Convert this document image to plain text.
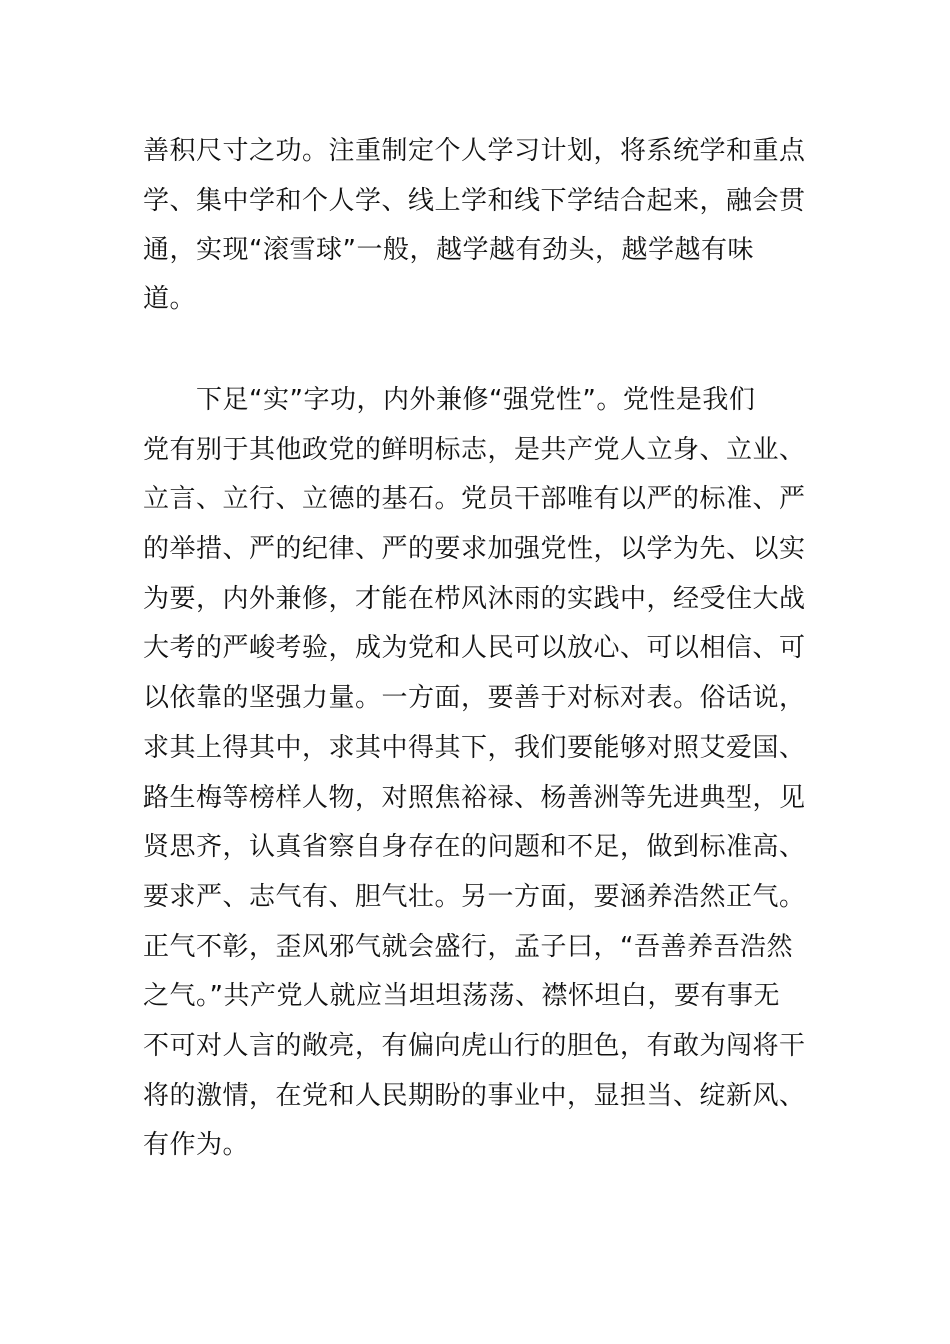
善积尺寸之功。注重制定个人学习计划，将系统学和重点
学、集中学和个人学、线上学和线下学结合起来，融会贯
通，实现“滚雪球”一般，越学越有劲头，越学越有味
道。
下足“实”字功，内外兼修“强党性”。党性是我们
党有别于其他政党的鲜明标志，是共产党人立身、立业、
立言、立行、立德的基石。党员干部唯有以严的标准、严
的举措、严的纪律、严的要求加强党性，以学为先、以实
为要，内外兼修，才能在栉风沐雨的实践中，经受住大战
大考的严峻考验，成为党和人民可以放心、可以相信、可
以依靠的坚强力量。一方面，要善于对标对表。俗话说，
求其上得其中，求其中得其下，我们要能够对照艾爱国、
路生梅等榜样人物，对照焦裕禄、杨善洲等先进典型，见
贤思齐，认真省察自身存在的问题和不足，做到标准高、
要求严、志气有、胆气壮。另一方面，要涵养浩然正气。
正气不彰，歪风邪气就会盛行，孟子曰，“吾善养吾浩然
之气。”共产党人就应当坦坦荡荡、襟怀坦白，要有事无
不可对人言的敞亮，有偏向虎山行的胆色，有敢为闯将干
将的激情，在党和人民期盼的事业中，显担当、绽新风、
有作为。
